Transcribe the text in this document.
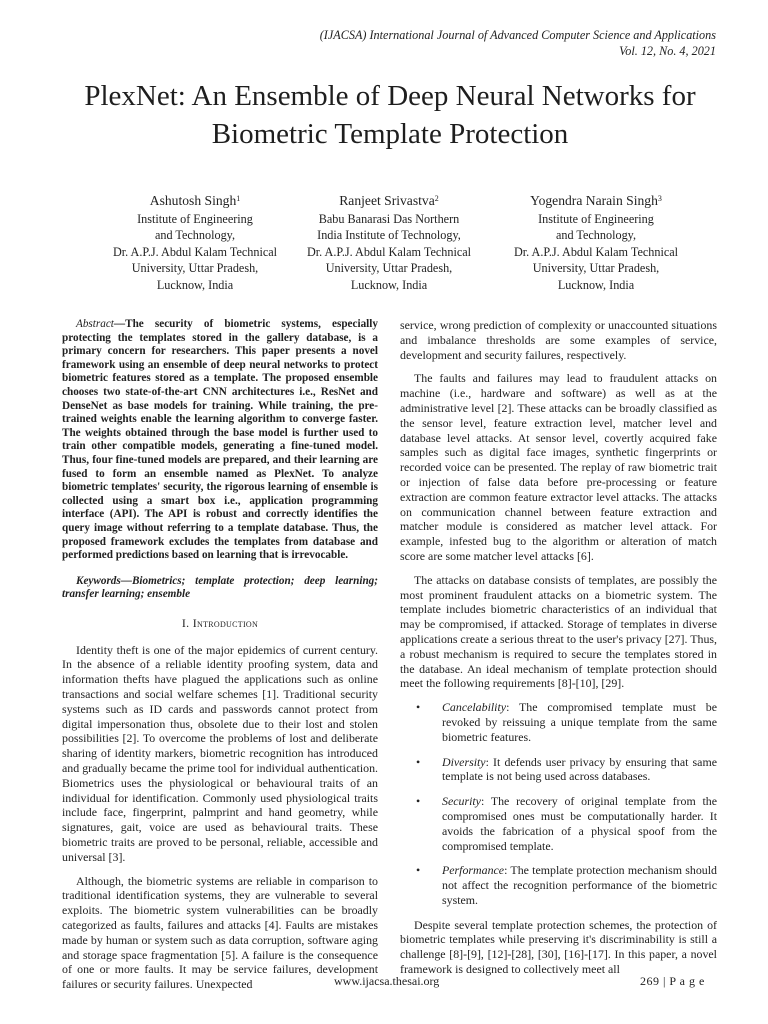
(IJACSA) International Journal of Advanced Computer Science and Applications
Vol. 12, No. 4, 2021
PlexNet: An Ensemble of Deep Neural Networks for
Biometric Template Protection
Ashutosh Singh$^1$
Institute of Engineering
and Technology,
Dr. A.P.J. Abdul Kalam Technical
University, Uttar Pradesh,
Lucknow, India
Ranjeet Srivastva$^2$
Babu Banarasi Das Northern
India Institute of Technology,
Dr. A.P.J. Abdul Kalam Technical
University, Uttar Pradesh,
Lucknow, India
Yogendra Narain Singh$^3$
Institute of Engineering
and Technology,
Dr. A.P.J. Abdul Kalam Technical
University, Uttar Pradesh,
Lucknow, India

Abstract—The security of biometric systems, especially protecting the templates stored in the gallery database, is a primary concern for researchers. This paper presents a novel framework using an ensemble of deep neural networks to protect biometric features stored as a template. The proposed ensemble chooses two state-of-the-art CNN architectures i.e., ResNet and DenseNet as base models for training. While training, the pre-trained weights enable the learning algorithm to converge faster. The weights obtained through the base model is further used to train other compatible models, generating a fine-tuned model. Thus, four fine-tuned models are prepared, and their learning are fused to form an ensemble named as PlexNet. To analyze biometric templates' security, the rigorous learning of ensemble is collected using a smart box i.e., application programming interface (API). The API is robust and correctly identifies the query image without referring to a template database. Thus, the proposed framework excludes the templates from database and performed predictions based on learning that is irrevocable.

Keywords—Biometrics; template protection; deep learning; transfer learning; ensemble

I. Introduction

Identity theft is one of the major epidemics of current century. In the absence of a reliable identity proofing system, data and information thefts have plagued the applications such as online transactions and social welfare schemes [1]. Traditional security systems such as ID cards and passwords cannot protect from digital impersonation thus, obsolete due to their lost and stolen possibilities [2]. To overcome the problems of lost and deliberate sharing of identity markers, biometric recognition has introduced and gradually became the prime tool for individual authentication. Biometrics uses the physiological or behavioural traits of an individual for identification. Commonly used physiological traits include face, fingerprint, palmprint and hand geometry, while signatures, gait, voice are used as behavioural traits. These biometric traits are proved to be personal, reliable, accessible and universal [3].

Although, the biometric systems are reliable in comparison to traditional identification systems, they are vulnerable to several exploits. The biometric system vulnerabilities can be broadly categorized as faults, failures and attacks [4]. Faults are mistakes made by human or system such as data corruption, software aging and storage space fragmentation [5]. A failure is the consequence of one or more faults. It may be service failures, development failures or security failures. Unexpected

service, wrong prediction of complexity or unaccounted situations and imbalance thresholds are some examples of service, development and security failures, respectively.

The faults and failures may lead to fraudulent attacks on machine (i.e., hardware and software) as well as at the administrative level [2]. These attacks can be broadly classified as the sensor level, feature extraction level, matcher level and database level attacks. At sensor level, covertly acquired fake samples such as digital face images, synthetic fingerprints or recorded voice can be presented. The replay of raw biometric trait or injection of false data before pre-processing or feature extraction are common feature extractor level attacks. The attacks on communication channel between feature extraction and matcher module is considered as matcher level attack. For example, infested bug to the algorithm or alteration of match score are some matcher level attacks [6].

The attacks on database consists of templates, are possibly the most prominent fraudulent attacks on a biometric system. The template includes biometric characteristics of an individual that may be compromised, if attacked. Storage of templates in diverse applications create a serious threat to the user's privacy [27]. Thus, a robust mechanism is required to secure the templates stored in the database. An ideal mechanism of template protection should meet the following requirements [8]-[10], [29].

• Cancelability: The compromised template must be revoked by reissuing a unique template from the same biometric features.
• Diversity: It defends user privacy by ensuring that same template is not being used across databases.
• Security: The recovery of original template from the compromised ones must be computationally harder. It avoids the fabrication of a physical spoof from the compromised template.
• Performance: The template protection mechanism should not affect the recognition performance of the biometric system.

Despite several template protection schemes, the protection of biometric templates while preserving it's discriminability is still a challenge [8]-[9], [12]-[28], [30], [16]-[17]. In this paper, a novel framework is designed to collectively meet all

www.ijacsa.thesai.org	269 | P a g e
